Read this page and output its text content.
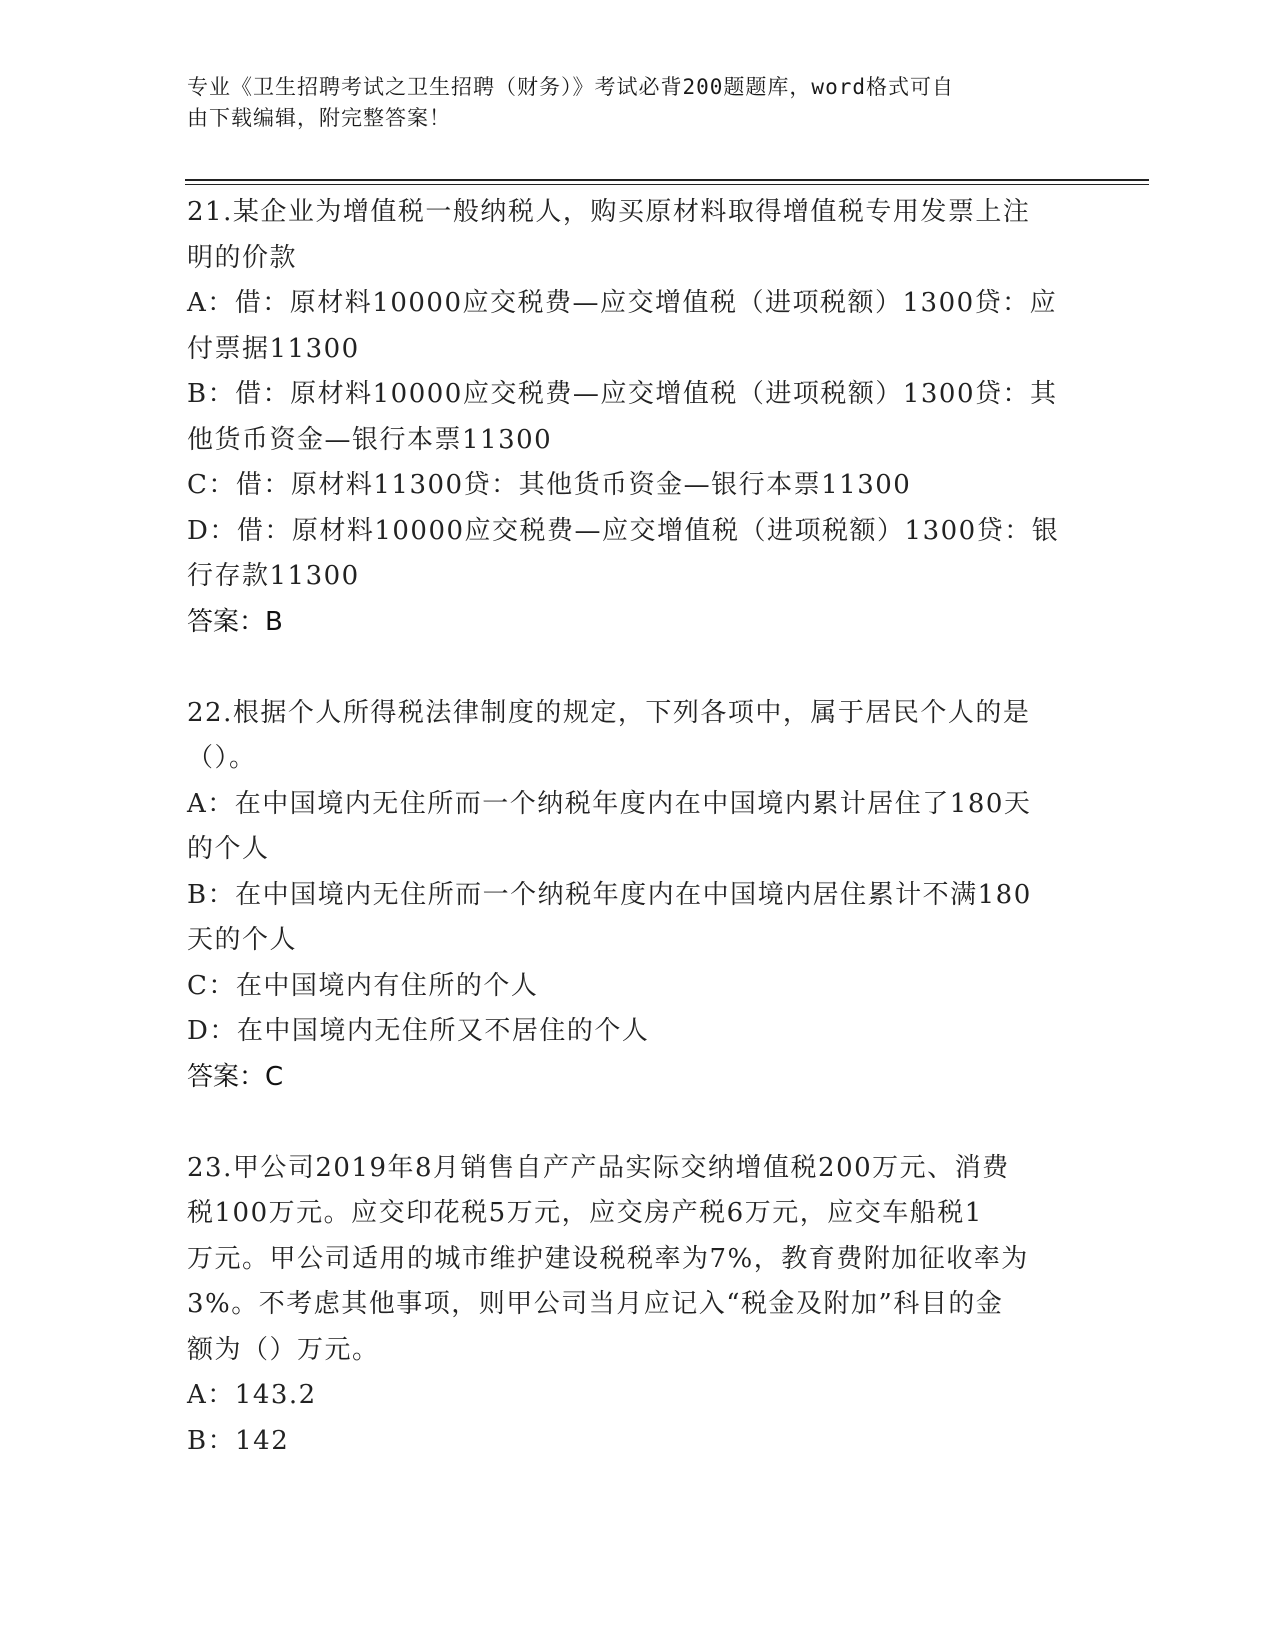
专业《卫生招聘考试之卫生招聘（财务）》考试必背200题题库，word格式可自
由下载编辑，附完整答案！
21.某企业为增值税一般纳税人，购买原材料取得增值税专用发票上注
明的价款
A：借：原材料10000应交税费—应交增值税（进项税额）1300贷：应
付票据11300
B：借：原材料10000应交税费—应交增值税（进项税额）1300贷：其
他货币资金—银行本票11300
C：借：原材料11300贷：其他货币资金—银行本票11300
D：借：原材料10000应交税费—应交增值税（进项税额）1300贷：银
行存款11300
答案：B
22.根据个人所得税法律制度的规定，下列各项中，属于居民个人的是
（）。
A：在中国境内无住所而一个纳税年度内在中国境内累计居住了180天
的个人
B：在中国境内无住所而一个纳税年度内在中国境内居住累计不满180
天的个人
C：在中国境内有住所的个人
D：在中国境内无住所又不居住的个人
答案：C
23.甲公司2019年8月销售自产产品实际交纳增值税200万元、消费
税100万元。应交印花税5万元，应交房产税6万元，应交车船税1
万元。甲公司适用的城市维护建设税税率为7%，教育费附加征收率为
3%。不考虑其他事项，则甲公司当月应记入“税金及附加”科目的金
额为（）万元。
A：143.2
B：142
